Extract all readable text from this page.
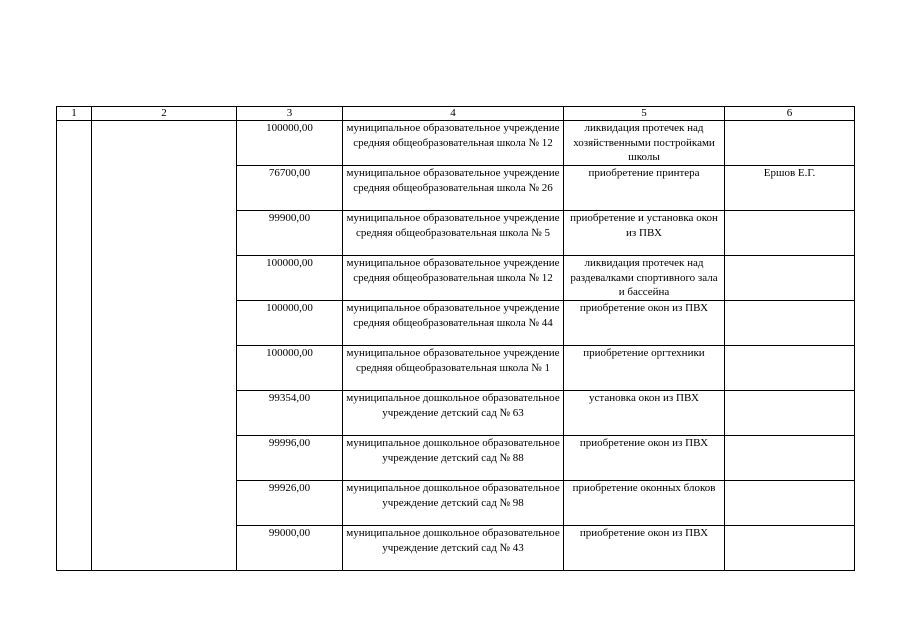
1	2	3	4	5	6
		100000,00	муниципальное образовательное учреждение средняя общеобразовательная школа № 12	ликвидация протечек над хозяйственными постройками школы	
		76700,00	муниципальное образовательное учреждение средняя общеобразовательная школа № 26	приобретение принтера	Ершов Е.Г.
		99900,00	муниципальное образовательное учреждение средняя общеобразовательная школа № 5	приобретение и установка окон из ПВХ	
		100000,00	муниципальное образовательное учреждение средняя общеобразовательная школа № 12	ликвидация протечек над раздевалками спортивного зала и бассейна	
		100000,00	муниципальное образовательное учреждение средняя общеобразовательная школа № 44	приобретение окон из ПВХ	
		100000,00	муниципальное образовательное учреждение средняя общеобразовательная школа № 1	приобретение оргтехники	
		99354,00	муниципальное дошкольное образовательное учреждение детский сад № 63	установка окон из ПВХ	
		99996,00	муниципальное дошкольное образовательное учреждение детский сад № 88	приобретение окон из ПВХ	
		99926,00	муниципальное дошкольное образовательное учреждение детский сад № 98	приобретение оконных блоков	
		99000,00	муниципальное дошкольное образовательное учреждение детский сад № 43	приобретение окон из ПВХ	
